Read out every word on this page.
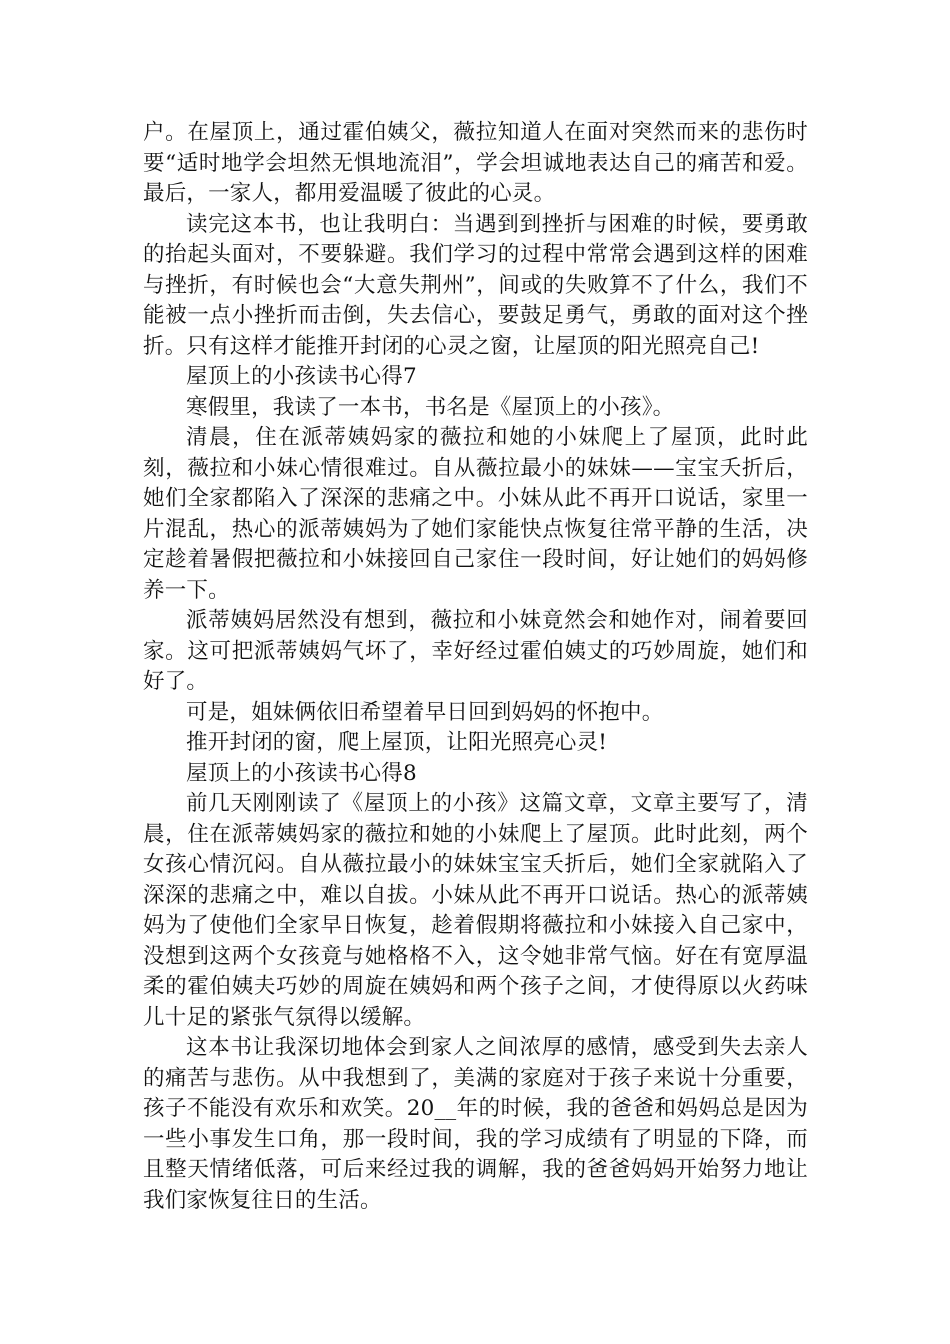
户。在屋顶上，通过霍伯姨父，薇拉知道人在面对突然而来的悲伤时要“适时地学会坦然无惧地流泪”，学会坦诚地表达自己的痛苦和爱。最后，一家人，都用爱温暖了彼此的心灵。

读完这本书，也让我明白：当遇到到挫折与困难的时候，要勇敢的抬起头面对，不要躲避。我们学习的过程中常常会遇到这样的困难与挫折，有时候也会“大意失荆州”，间或的失败算不了什么，我们不能被一点小挫折而击倒，失去信心，要鼓足勇气，勇敢的面对这个挫折。只有这样才能推开封闭的心灵之窗，让屋顶的阳光照亮自己!

屋顶上的小孩读书心得7

寒假里，我读了一本书，书名是《屋顶上的小孩》。

清晨，住在派蒂姨妈家的薇拉和她的小妹爬上了屋顶，此时此刻，薇拉和小妹心情很难过。自从薇拉最小的妹妹——宝宝夭折后，她们全家都陷入了深深的悲痛之中。小妹从此不再开口说话，家里一片混乱，热心的派蒂姨妈为了她们家能快点恢复往常平静的生活，决定趁着暑假把薇拉和小妹接回自己家住一段时间，好让她们的妈妈修养一下。

派蒂姨妈居然没有想到，薇拉和小妹竟然会和她作对，闹着要回家。这可把派蒂姨妈气坏了，幸好经过霍伯姨丈的巧妙周旋，她们和好了。

可是，姐妹俩依旧希望着早日回到妈妈的怀抱中。

推开封闭的窗，爬上屋顶，让阳光照亮心灵!

屋顶上的小孩读书心得8

前几天刚刚读了《屋顶上的小孩》这篇文章，文章主要写了，清晨，住在派蒂姨妈家的薇拉和她的小妹爬上了屋顶。此时此刻，两个女孩心情沉闷。自从薇拉最小的妹妹宝宝夭折后，她们全家就陷入了深深的悲痛之中，难以自拔。小妹从此不再开口说话。热心的派蒂姨妈为了使他们全家早日恢复，趁着假期将薇拉和小妹接入自己家中，没想到这两个女孩竟与她格格不入，这令她非常气恼。好在有宽厚温柔的霍伯姨夫巧妙的周旋在姨妈和两个孩子之间，才使得原以火药味儿十足的紧张气氛得以缓解。

这本书让我深切地体会到家人之间浓厚的感情，感受到失去亲人的痛苦与悲伤。从中我想到了，美满的家庭对于孩子来说十分重要，孩子不能没有欢乐和欢笑。20__年的时候，我的爸爸和妈妈总是因为一些小事发生口角，那一段时间，我的学习成绩有了明显的下降，而且整天情绪低落，可后来经过我的调解，我的爸爸妈妈开始努力地让我们家恢复往日的生活。
